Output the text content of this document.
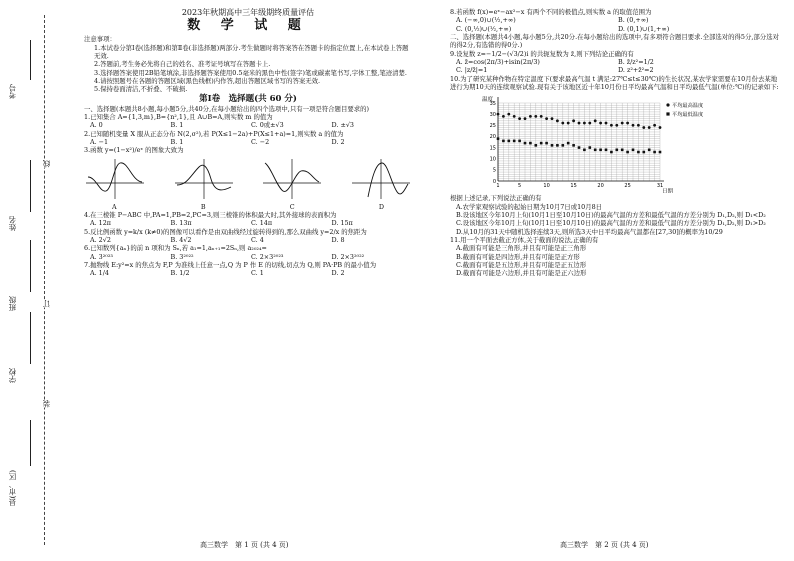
考号
姓名
班级
学校
县(市、区)
线
订
装

2023年秋期高中三年级期终质量评估

数 学 试 题

注意事项：

1.本试卷分第Ⅰ卷(选择题)和第Ⅱ卷(非选择题)两部分.考生做题时将答案答在答题卡的指定位置上,在本试卷上答题无效.

2.答题前,考生务必先将自己的姓名、准考证号填写在答题卡上.

3.选择题答案使用2B铅笔填涂,非选择题答案使用0.5毫米的黑色中性(签字)笔或碳素笔书写,字体工整,笔迹清楚.

4.请按照题号在各题的答题区域(黑色线框)内作答,超出答题区域书写的答案无效.

5.保持卷面清洁,不折叠、不破损.

第Ⅰ卷　选择题(共 60 分)

一、选择题(本题共8小题,每小题5分,共40分,在每小题给出的四个选项中,只有一项是符合题目要求的)

1.已知集合 A={1,3,m},B={n²,1},且 A∪B=A,则实数 m 的值为

A. 0	B. 1	C. 0或±√3	D. ±√3

2.已知随机变量 X 服从正态分布 N(2,σ²),若 P(X≤1−2a)+P(X≤1+a)=1,则实数 a 的值为

A. −1	B. 1	C. −2	D. 2

3.函数 y=(1−x²)/eˣ 的图象大致为

A	B	C	D

4.在三棱锥 P−ABC 中,PA=1,PB=2,PC=3,则三棱锥的体积最大时,其外接球的表面积为

A. 12π	B. 13π	C. 14π	D. 15π

5.反比例函数 y=k/x (k≠0)的图像可以看作是由双曲线经过旋转得到的,那么双曲线 y=2/x 的焦距为

A. 2√2	B. 4√2	C. 4	D. 8

6.已知数列{aₙ}的前 n 项和为 Sₙ,若 a₁=1,aₙ₊₁=2Sₙ,则 a₂₀₂₄=

A. 3²⁰²³	B. 3²⁰²²	C. 2×3²⁰²³	D. 2×3²⁰²²

7.抛物线 E:y²=x 的焦点为 F,P 为准线上任意一点,Q 为 P 作 E 的切线,切点为 Q,则 PA·PB 的最小值为

A. 1/4	B. 1/2	C. 1	D. 2
高三数学　第 1 页 (共 4 页)

8.若函数 f(x)=eˣ−ax²−x 有两个不同的极值点,则实数 a 的取值范围为

A. (−∞,0)∪(½,+∞)	B. (0,+∞)
C. (0,½)∪(½,+∞)	D. (0,1)∪(1,+∞)

二、选择题(本题共4小题,每小题5分,共20分.在每小题给出的选项中,有多项符合题目要求.全部选对的得5分,部分选对的得2分,有选错的得0分.)

9.设复数 z=−1/2−(√3/2)i 的共轭复数为 z̄,则下列结论正确的有

A. z̄=cos(2π/3)+isin(2π/3)	B. z̄/z²=1/2
C. |z/z̄|=1	D. z²+z̄²=2

10.为了研究某种作物在特定温度下(要求最高气温 t 满足:27℃≤t≤30℃)的生长状况,某农学家需要在10月份去某地进行为期10天的连续观察试验.现有关于该地区近十年10月份日平均最高气温和日平均最低气温(单位:℃)的记录如下:

0
5
10
15
20
25
30
35
1	5	10	15	20	25	31
温度
日期
平均最高温度
平均最低温度

根据上述记录,下列说法正确的有

A.农学家观察试验的起始日期为10月7日或10月8日

B.设该地区今年10月上旬(10月1日至10月10日)的最高气温的方差和最低气温的方差分别为 D₁,D₂,则 D₁<D₂

C.设该地区今年10月上旬(10月1日至10月10日)的最高气温的方差和最低气温的方差分别为 D₁,D₂,则 D₁>D₂

D.从10月的31天中随机选择连续3天,则所选3天中日平均最高气温都在[27,30]的概率为10/29

11.用一个平面去截正方体,关于截面的说法,正确的有

A.截面有可能是三角形,并且有可能是正三角形

B.截面有可能是四边形,并且有可能是正方形

C.截面有可能是五边形,并且有可能是正五边形

D.截面有可能是六边形,并且有可能是正六边形

高三数学　第 2 页 (共 4 页)
